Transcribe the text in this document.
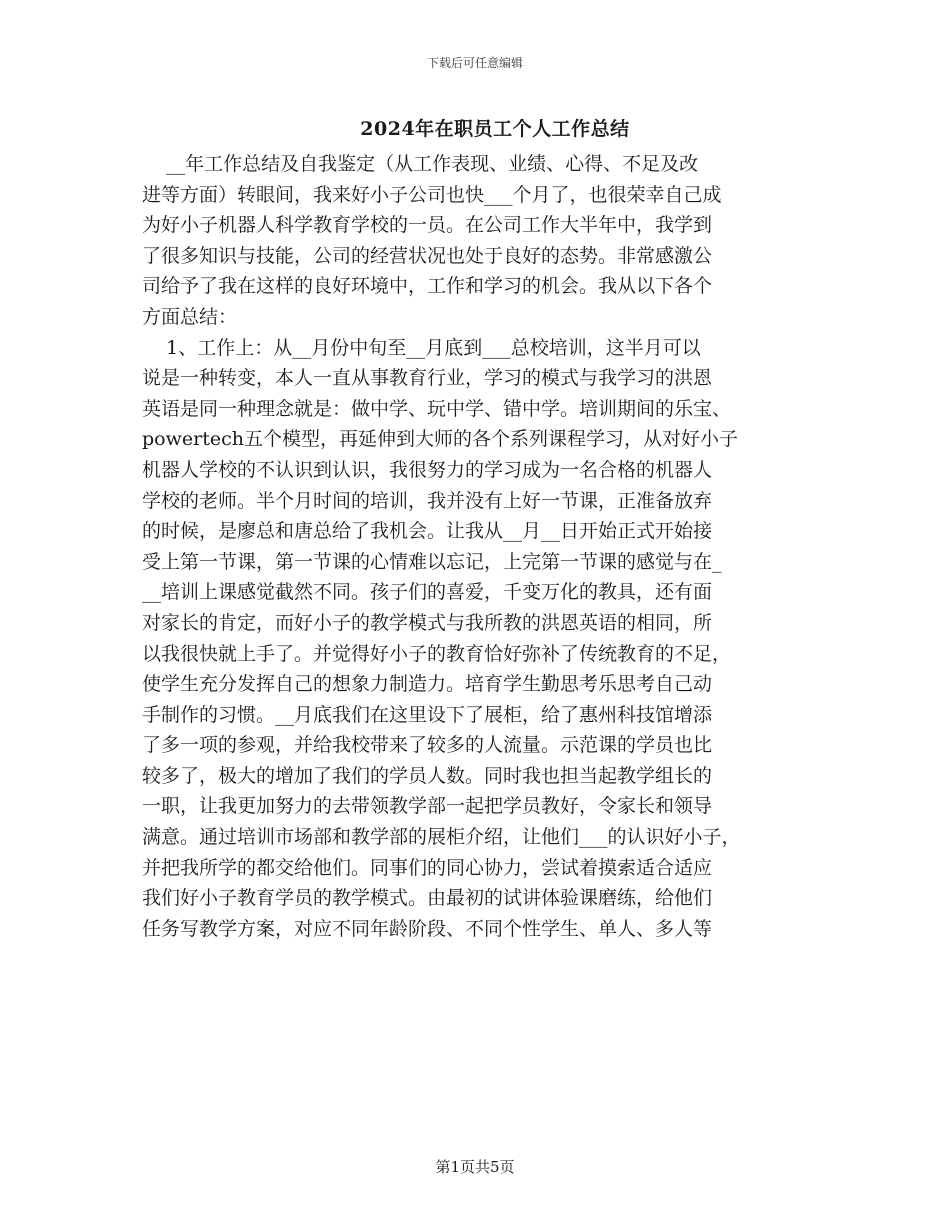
下载后可任意编辑
2024年在职员工个人工作总结
__年工作总结及自我鉴定（从工作表现、业绩、心得、不足及改
进等方面）转眼间，我来好小子公司也快___个月了，也很荣幸自己成
为好小子机器人科学教育学校的一员。在公司工作大半年中，我学到
了很多知识与技能，公司的经营状况也处于良好的态势。非常感激公
司给予了我在这样的良好环境中，工作和学习的机会。我从以下各个
方面总结：
1、工作上：从__月份中旬至__月底到___总校培训，这半月可以
说是一种转变，本人一直从事教育行业，学习的模式与我学习的洪恩
英语是同一种理念就是：做中学、玩中学、错中学。培训期间的乐宝、
powertech五个模型，再延伸到大师的各个系列课程学习，从对好小子
机器人学校的不认识到认识，我很努力的学习成为一名合格的机器人
学校的老师。半个月时间的培训，我并没有上好一节课，正准备放弃
的时候，是廖总和唐总给了我机会。让我从__月__日开始正式开始接
受上第一节课，第一节课的心情难以忘记，上完第一节课的感觉与在_
__培训上课感觉截然不同。孩子们的喜爱，千变万化的教具，还有面
对家长的肯定，而好小子的教学模式与我所教的洪恩英语的相同，所
以我很快就上手了。并觉得好小子的教育恰好弥补了传统教育的不足，
使学生充分发挥自己的想象力制造力。培育学生勤思考乐思考自己动
手制作的习惯。__月底我们在这里设下了展柜，给了惠州科技馆增添
了多一项的参观，并给我校带来了较多的人流量。示范课的学员也比
较多了，极大的增加了我们的学员人数。同时我也担当起教学组长的
一职，让我更加努力的去带领教学部一起把学员教好，令家长和领导
满意。通过培训市场部和教学部的展柜介绍，让他们___的认识好小子，
并把我所学的都交给他们。同事们的同心协力，尝试着摸索适合适应
我们好小子教育学员的教学模式。由最初的试讲体验课磨练，给他们
任务写教学方案，对应不同年龄阶段、不同个性学生、单人、多人等
第1页共5页
